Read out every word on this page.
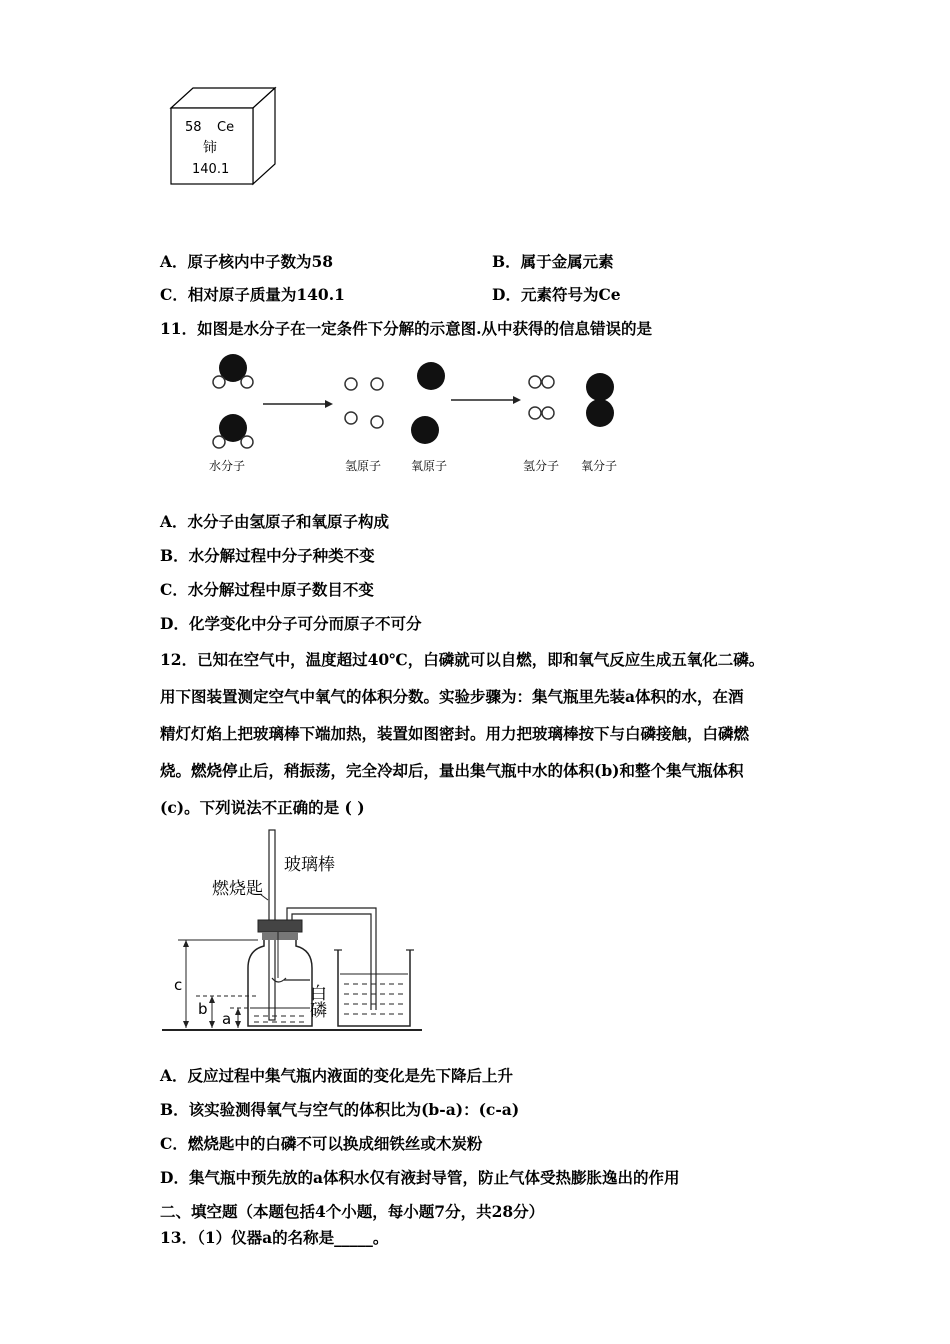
58 Ce
铈
140.1
A．原子核内中子数为58	B．属于金属元素
C．相对原子质量为140.1	D．元素符号为Ce
11．如图是水分子在一定条件下分解的示意图.从中获得的信息错误的是
水分子	氢原子 氧原子	氢分子 氧分子
A．水分子由氢原子和氧原子构成
B．水分解过程中分子种类不变
C．水分解过程中原子数目不变
D．化学变化中分子可分而原子不可分
12．已知在空气中，温度超过40℃，白磷就可以自燃，即和氧气反应生成五氧化二磷。
用下图装置测定空气中氧气的体积分数。实验步骤为：集气瓶里先装a体积的水，在酒
精灯灯焰上把玻璃棒下端加热，装置如图密封。用力把玻璃棒按下与白磷接触，白磷燃
烧。燃烧停止后，稍振荡，完全冷却后，量出集气瓶中水的体积(b)和整个集气瓶体积
(c)。下列说法不正确的是 ( )
玻璃棒
燃烧匙
白磷
c
b
a
A．反应过程中集气瓶内液面的变化是先下降后上升
B．该实验测得氧气与空气的体积比为(b-a)：(c-a)
C．燃烧匙中的白磷不可以换成细铁丝或木炭粉
D．集气瓶中预先放的a体积水仅有液封导管，防止气体受热膨胀逸出的作用
二、填空题（本题包括4个小题，每小题7分，共28分）
13．（1）仪器a的名称是_____。
